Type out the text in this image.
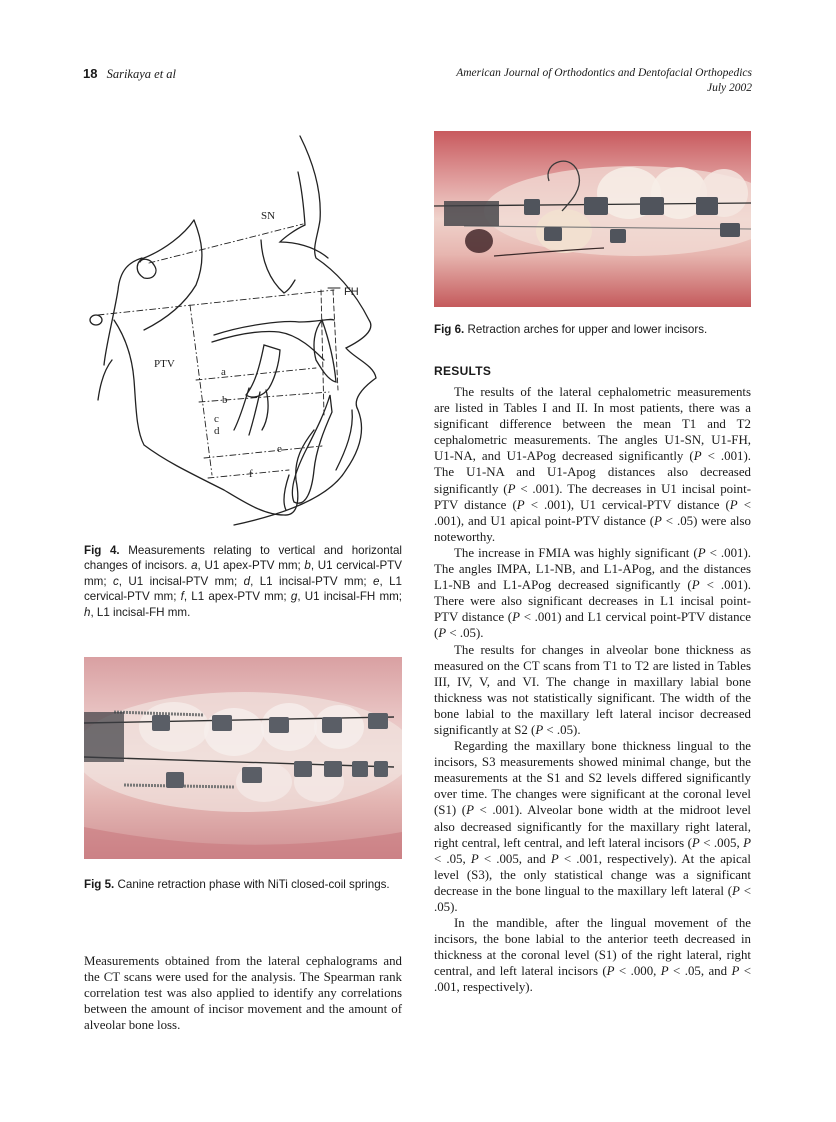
18 Sarikaya et al	American Journal of Orthodontics and Dentofacial Orthopedics
July 2002
SN
FH
PTV
a
b
c
d
e
f
Fig 4. Measurements relating to vertical and horizontal changes of incisors. a, U1 apex-PTV mm; b, U1 cervical-PTV mm; c, U1 incisal-PTV mm; d, L1 incisal-PTV mm; e, L1 cervical-PTV mm; f, L1 apex-PTV mm; g, U1 incisal-FH mm; h, L1 incisal-FH mm.
Fig 5. Canine retraction phase with NiTi closed-coil springs.

Measurements obtained from the lateral cephalograms and the CT scans were used for the analysis. The Spearman rank correlation test was also applied to identify any correlations between the amount of incisor movement and the amount of alveolar bone loss.

Fig 6. Retraction arches for upper and lower incisors.
RESULTS

The results of the lateral cephalometric measurements are listed in Tables I and II. In most patients, there was a significant difference between the mean T1 and T2 cephalometric measurements. The angles U1-SN, U1-FH, U1-NA, and U1-APog decreased significantly (P < .001). The U1-NA and U1-Apog distances also decreased significantly (P < .001). The decreases in U1 incisal point-PTV distance (P < .001), U1 cervical-PTV distance (P < .001), and U1 apical point-PTV distance (P < .05) were also noteworthy.

The increase in FMIA was highly significant (P < .001). The angles IMPA, L1-NB, and L1-APog, and the distances L1-NB and L1-APog decreased significantly (P < .001). There were also significant decreases in L1 incisal point-PTV distance (P < .001) and L1 cervical point-PTV distance (P < .05).

The results for changes in alveolar bone thickness as measured on the CT scans from T1 to T2 are listed in Tables III, IV, V, and VI. The change in maxillary labial bone thickness was not statistically significant. The width of the bone labial to the maxillary left lateral incisor decreased significantly at S2 (P < .05).

Regarding the maxillary bone thickness lingual to the incisors, S3 measurements showed minimal change, but the measurements at the S1 and S2 levels differed significantly over time. The changes were significant at the coronal level (S1) (P < .001). Alveolar bone width at the midroot level also decreased significantly for the maxillary right lateral, right central, left central, and left lateral incisors (P < .005, P < .05, P < .005, and P < .001, respectively). At the apical level (S3), the only statistical change was a significant decrease in the bone lingual to the maxillary left lateral (P < .05).

In the mandible, after the lingual movement of the incisors, the bone labial to the anterior teeth decreased in thickness at the coronal level (S1) of the right lateral, right central, and left lateral incisors (P < .000, P < .05, and P < .001, respectively).
